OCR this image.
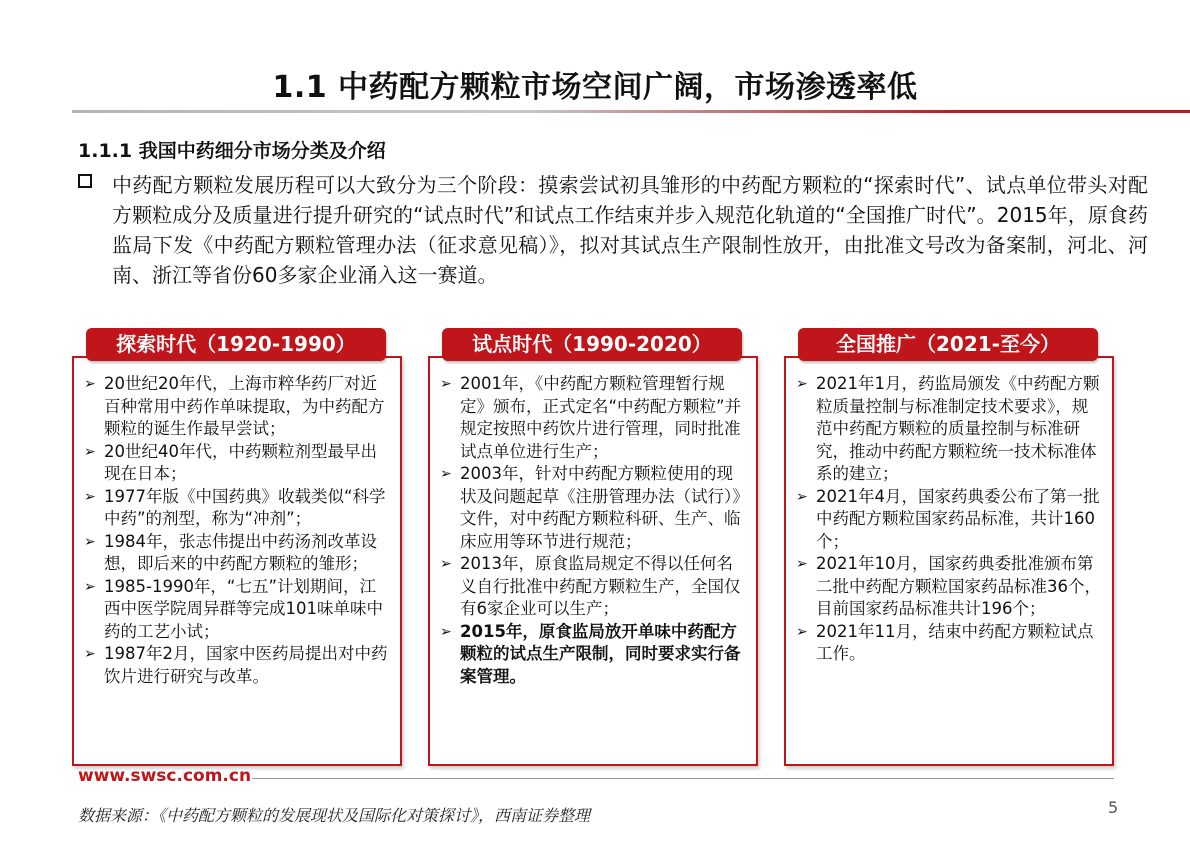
1.1 中药配方颗粒市场空间广阔，市场渗透率低
1.1.1 我国中药细分市场分类及介绍

中药配方颗粒发展历程可以大致分为三个阶段：摸索尝试初具雏形的中药配方颗粒的“探索时代”、试点单位带头对配方颗粒成分及质量进行提升研究的“试点时代”和试点工作结束并步入规范化轨道的“全国推广时代”。2015年，原食药监局下发《中药配方颗粒管理办法（征求意见稿）》，拟对其试点生产限制性放开，由批准文号改为备案制，河北、河南、浙江等省份60多家企业涌入这一赛道。

探索时代（1920-1990）
➢ 20世纪20年代，上海市粹华药厂对近百种常用中药作单味提取，为中药配方颗粒的诞生作最早尝试；
➢ 20世纪40年代，中药颗粒剂型最早出现在日本；
➢ 1977年版《中国药典》收载类似“科学中药”的剂型，称为“冲剂”；
➢ 1984年，张志伟提出中药汤剂改革设想，即后来的中药配方颗粒的雏形；
➢ 1985-1990年，“七五”计划期间，江西中医学院周异群等完成101味单味中药的工艺小试；
➢ 1987年2月，国家中医药局提出对中药饮片进行研究与改革。
试点时代（1990-2020）
➢ 2001年，《中药配方颗粒管理暂行规定》颁布，正式定名“中药配方颗粒”并规定按照中药饮片进行管理，同时批准试点单位进行生产；
➢ 2003年，针对中药配方颗粒使用的现状及问题起草《注册管理办法（试行）》文件，对中药配方颗粒科研、生产、临床应用等环节进行规范；
➢ 2013年，原食监局规定不得以任何名义自行批准中药配方颗粒生产，全国仅有6家企业可以生产；
➢ 2015年，原食监局放开单味中药配方颗粒的试点生产限制，同时要求实行备案管理。
全国推广（2021-至今）
➢ 2021年1月，药监局颁发《中药配方颗粒质量控制与标准制定技术要求》，规范中药配方颗粒的质量控制与标准研究，推动中药配方颗粒统一技术标准体系的建立；
➢ 2021年4月，国家药典委公布了第一批中药配方颗粒国家药品标准，共计160个；
➢ 2021年10月，国家药典委批准颁布第二批中药配方颗粒国家药品标准36个，目前国家药品标准共计196个；
➢ 2021年11月，结束中药配方颗粒试点工作。
www.swsc.com.cn
数据来源：《中药配方颗粒的发展现状及国际化对策探讨》，西南证券整理	5
